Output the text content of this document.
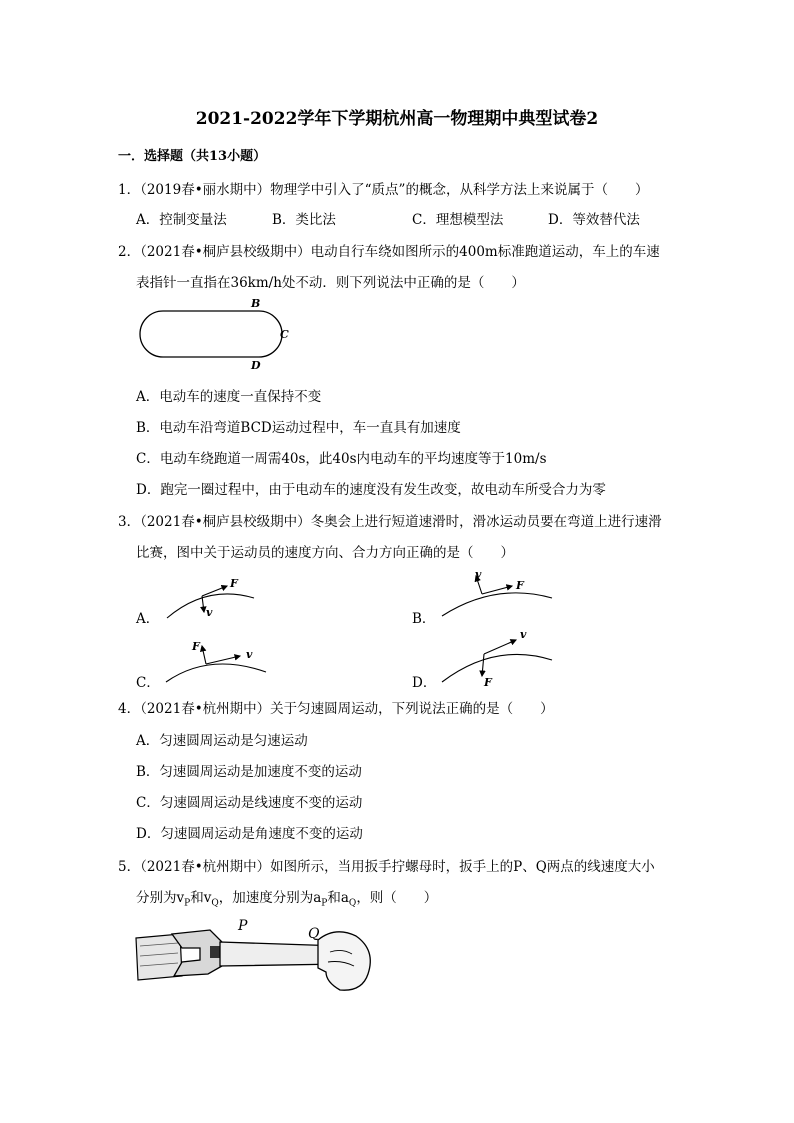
2021-2022学年下学期杭州高一物理期中典型试卷2
一．选择题（共13小题）
1．（2019春•丽水期中）物理学中引入了“质点”的概念，从科学方法上来说属于（　　）
A．控制变量法	B．类比法	C．理想模型法	D．等效替代法
2．（2021春•桐庐县校级期中）电动自行车绕如图所示的400m标准跑道运动，车上的车速
表指针一直指在36km/h处不动．则下列说法中正确的是（　　）
B
C
D
A．电动车的速度一直保持不变
B．电动车沿弯道BCD运动过程中，车一直具有加速度
C．电动车绕跑道一周需40s，此40s内电动车的平均速度等于10m/s
D．跑完一圈过程中，由于电动车的速度没有发生改变，故电动车所受合力为零
3．（2021春•桐庐县校级期中）冬奥会上进行短道速滑时，滑冰运动员要在弯道上进行速滑
比赛，图中关于运动员的速度方向、合力方向正确的是（　　）
A．
F
v	B．
v
F
C．
F
v
D．
v
F
4．（2021春•杭州期中）关于匀速圆周运动，下列说法正确的是（　　）
A．匀速圆周运动是匀速运动
B．匀速圆周运动是加速度不变的运动
C．匀速圆周运动是线速度不变的运动
D．匀速圆周运动是角速度不变的运动
5．（2021春•杭州期中）如图所示，当用扳手拧螺母时，扳手上的P、Q两点的线速度大小
分别为$v_P$和$v_Q$，加速度分别为$a_P$和$a_Q$，则（　　）
P	Q
